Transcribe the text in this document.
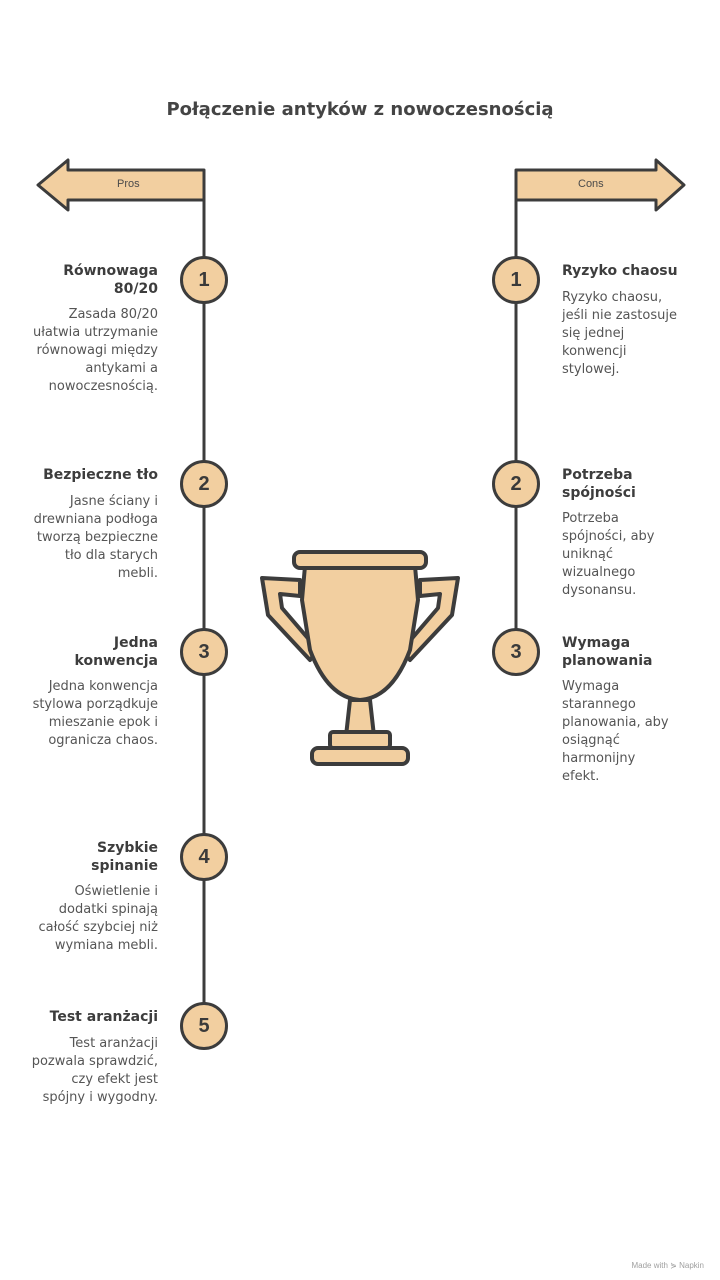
Połączenie antyków z nowoczesnością
Pros	Cons
1
Równowaga 80/20
Zasada 80/20 ułatwia utrzymanie równowagi między antykami a nowoczesnością.
2
Bezpieczne tło
Jasne ściany i drewniana podłoga tworzą bezpieczne tło dla starych mebli.
3
Jedna konwencja
Jedna konwencja stylowa porządkuje mieszanie epok i ogranicza chaos.
4
Szybkie spinanie
Oświetlenie i dodatki spinają całość szybciej niż wymiana mebli.
5
Test aranżacji
Test aranżacji pozwala sprawdzić, czy efekt jest spójny i wygodny.
1	Ryzyko chaosu
Ryzyko chaosu, jeśli nie zastosuje się jednej konwencji stylowej.
2	Potrzeba spójności
Potrzeba spójności, aby uniknąć wizualnego dysonansu.
3	Wymaga planowania
Wymaga starannego planowania, aby osiągnąć harmonijny efekt.
Made with ⋟ Napkin
